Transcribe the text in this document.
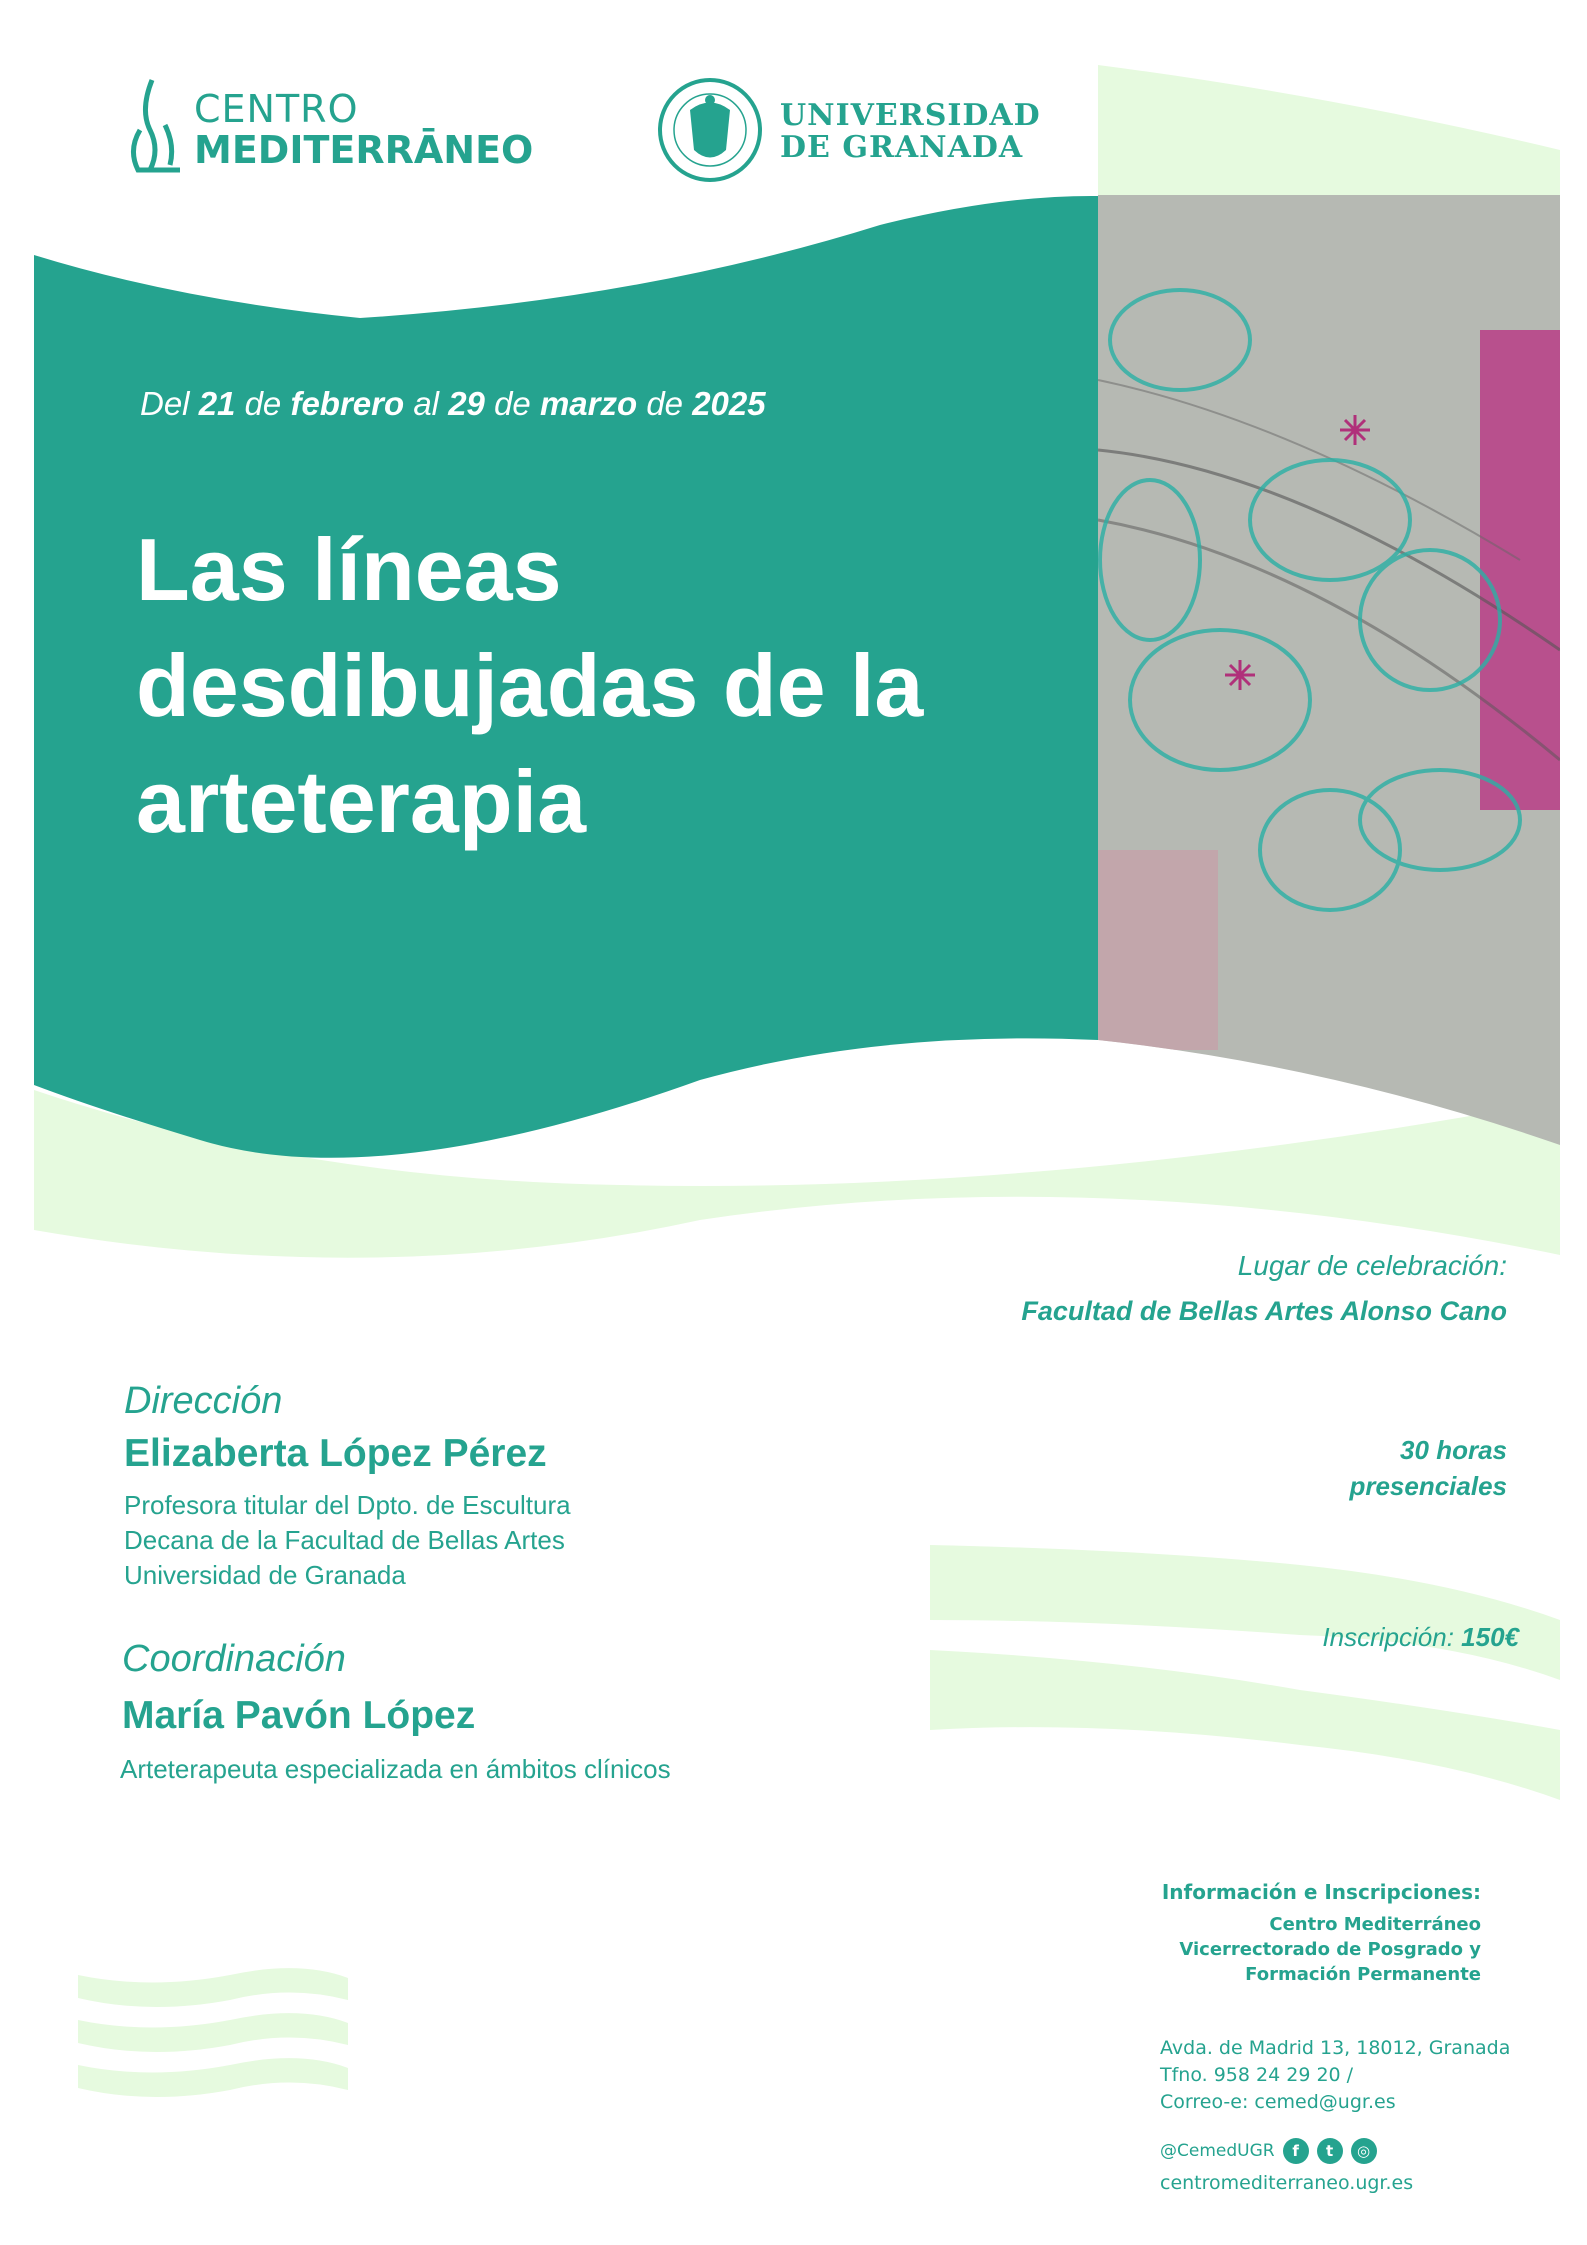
CENTRO
MEDITERRĀNEO
UNIVERSIDAD
DE GRANADA
Del 21 de febrero al 29 de marzo de 2025
Las líneas
desdibujadas de la
arteterapia
Lugar de celebración:
Facultad de Bellas Artes Alonso Cano
30 horas
presenciales
Inscripción: 150€
Dirección
Elizaberta López Pérez
Profesora titular del Dpto. de Escultura
Decana de la Facultad de Bellas Artes
Universidad de Granada
Coordinación
María Pavón López
Arteterapeuta especializada en ámbitos clínicos
Información e Inscripciones:
Centro Mediterráneo
Vicerrectorado de Posgrado y
Formación Permanente
Avda. de Madrid 13, 18012, Granada
Tfno. 958 24 29 20 /
Correo-e: cemed@ugr.es
@CemedUGR	f	t	◎
centromediterraneo.ugr.es
